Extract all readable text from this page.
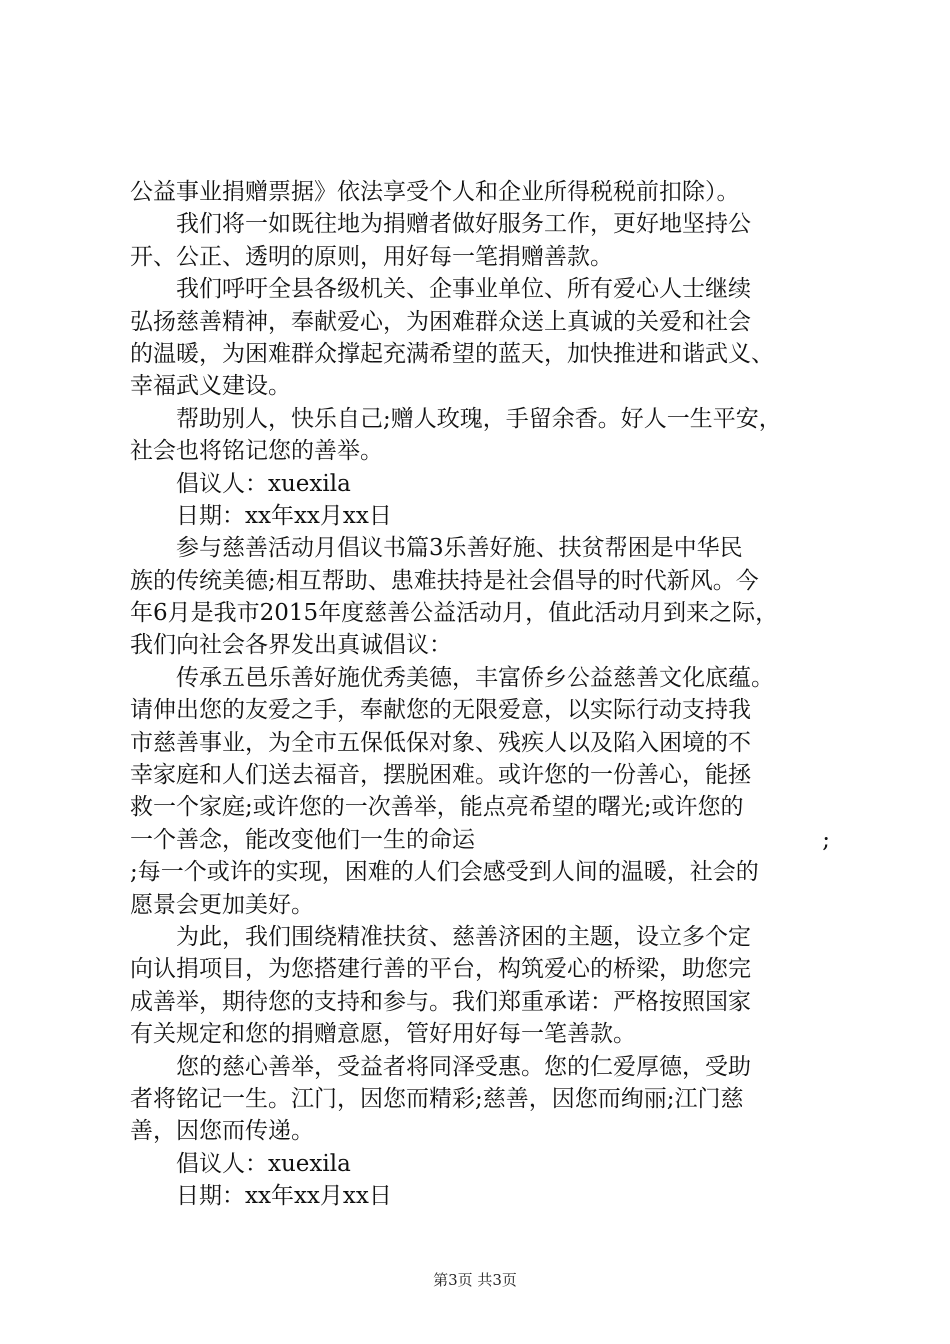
公益事业捐赠票据》依法享受个人和企业所得税税前扣除）。
我们将一如既往地为捐赠者做好服务工作，更好地坚持公
开、公正、透明的原则，用好每一笔捐赠善款。
我们呼吁全县各级机关、企事业单位、所有爱心人士继续
弘扬慈善精神，奉献爱心，为困难群众送上真诚的关爱和社会
的温暖，为困难群众撑起充满希望的蓝天，加快推进和谐武义、
幸福武义建设。
帮助别人，快乐自己;赠人玫瑰，手留余香。好人一生平安，
社会也将铭记您的善举。
倡议人：xuexila
日期：xx年xx月xx日
参与慈善活动月倡议书篇3乐善好施、扶贫帮困是中华民
族的传统美德;相互帮助、患难扶持是社会倡导的时代新风。今
年6月是我市2015年度慈善公益活动月，值此活动月到来之际，
我们向社会各界发出真诚倡议：
传承五邑乐善好施优秀美德，丰富侨乡公益慈善文化底蕴。
请伸出您的友爱之手，奉献您的无限爱意，以实际行动支持我
市慈善事业，为全市五保低保对象、残疾人以及陷入困境的不
幸家庭和人们送去福音，摆脱困难。或许您的一份善心，能拯
救一个家庭;或许您的一次善举，能点亮希望的曙光;或许您的
一个善念，能改变他们一生的命运	;
;每一个或许的实现，困难的人们会感受到人间的温暖，社会的
愿景会更加美好。
为此，我们围绕精准扶贫、慈善济困的主题，设立多个定
向认捐项目，为您搭建行善的平台，构筑爱心的桥梁，助您完
成善举，期待您的支持和参与。我们郑重承诺：严格按照国家
有关规定和您的捐赠意愿，管好用好每一笔善款。
您的慈心善举，受益者将同泽受惠。您的仁爱厚德，受助
者将铭记一生。江门，因您而精彩;慈善，因您而绚丽;江门慈
善，因您而传递。
倡议人：xuexila
日期：xx年xx月xx日
第3页 共3页
